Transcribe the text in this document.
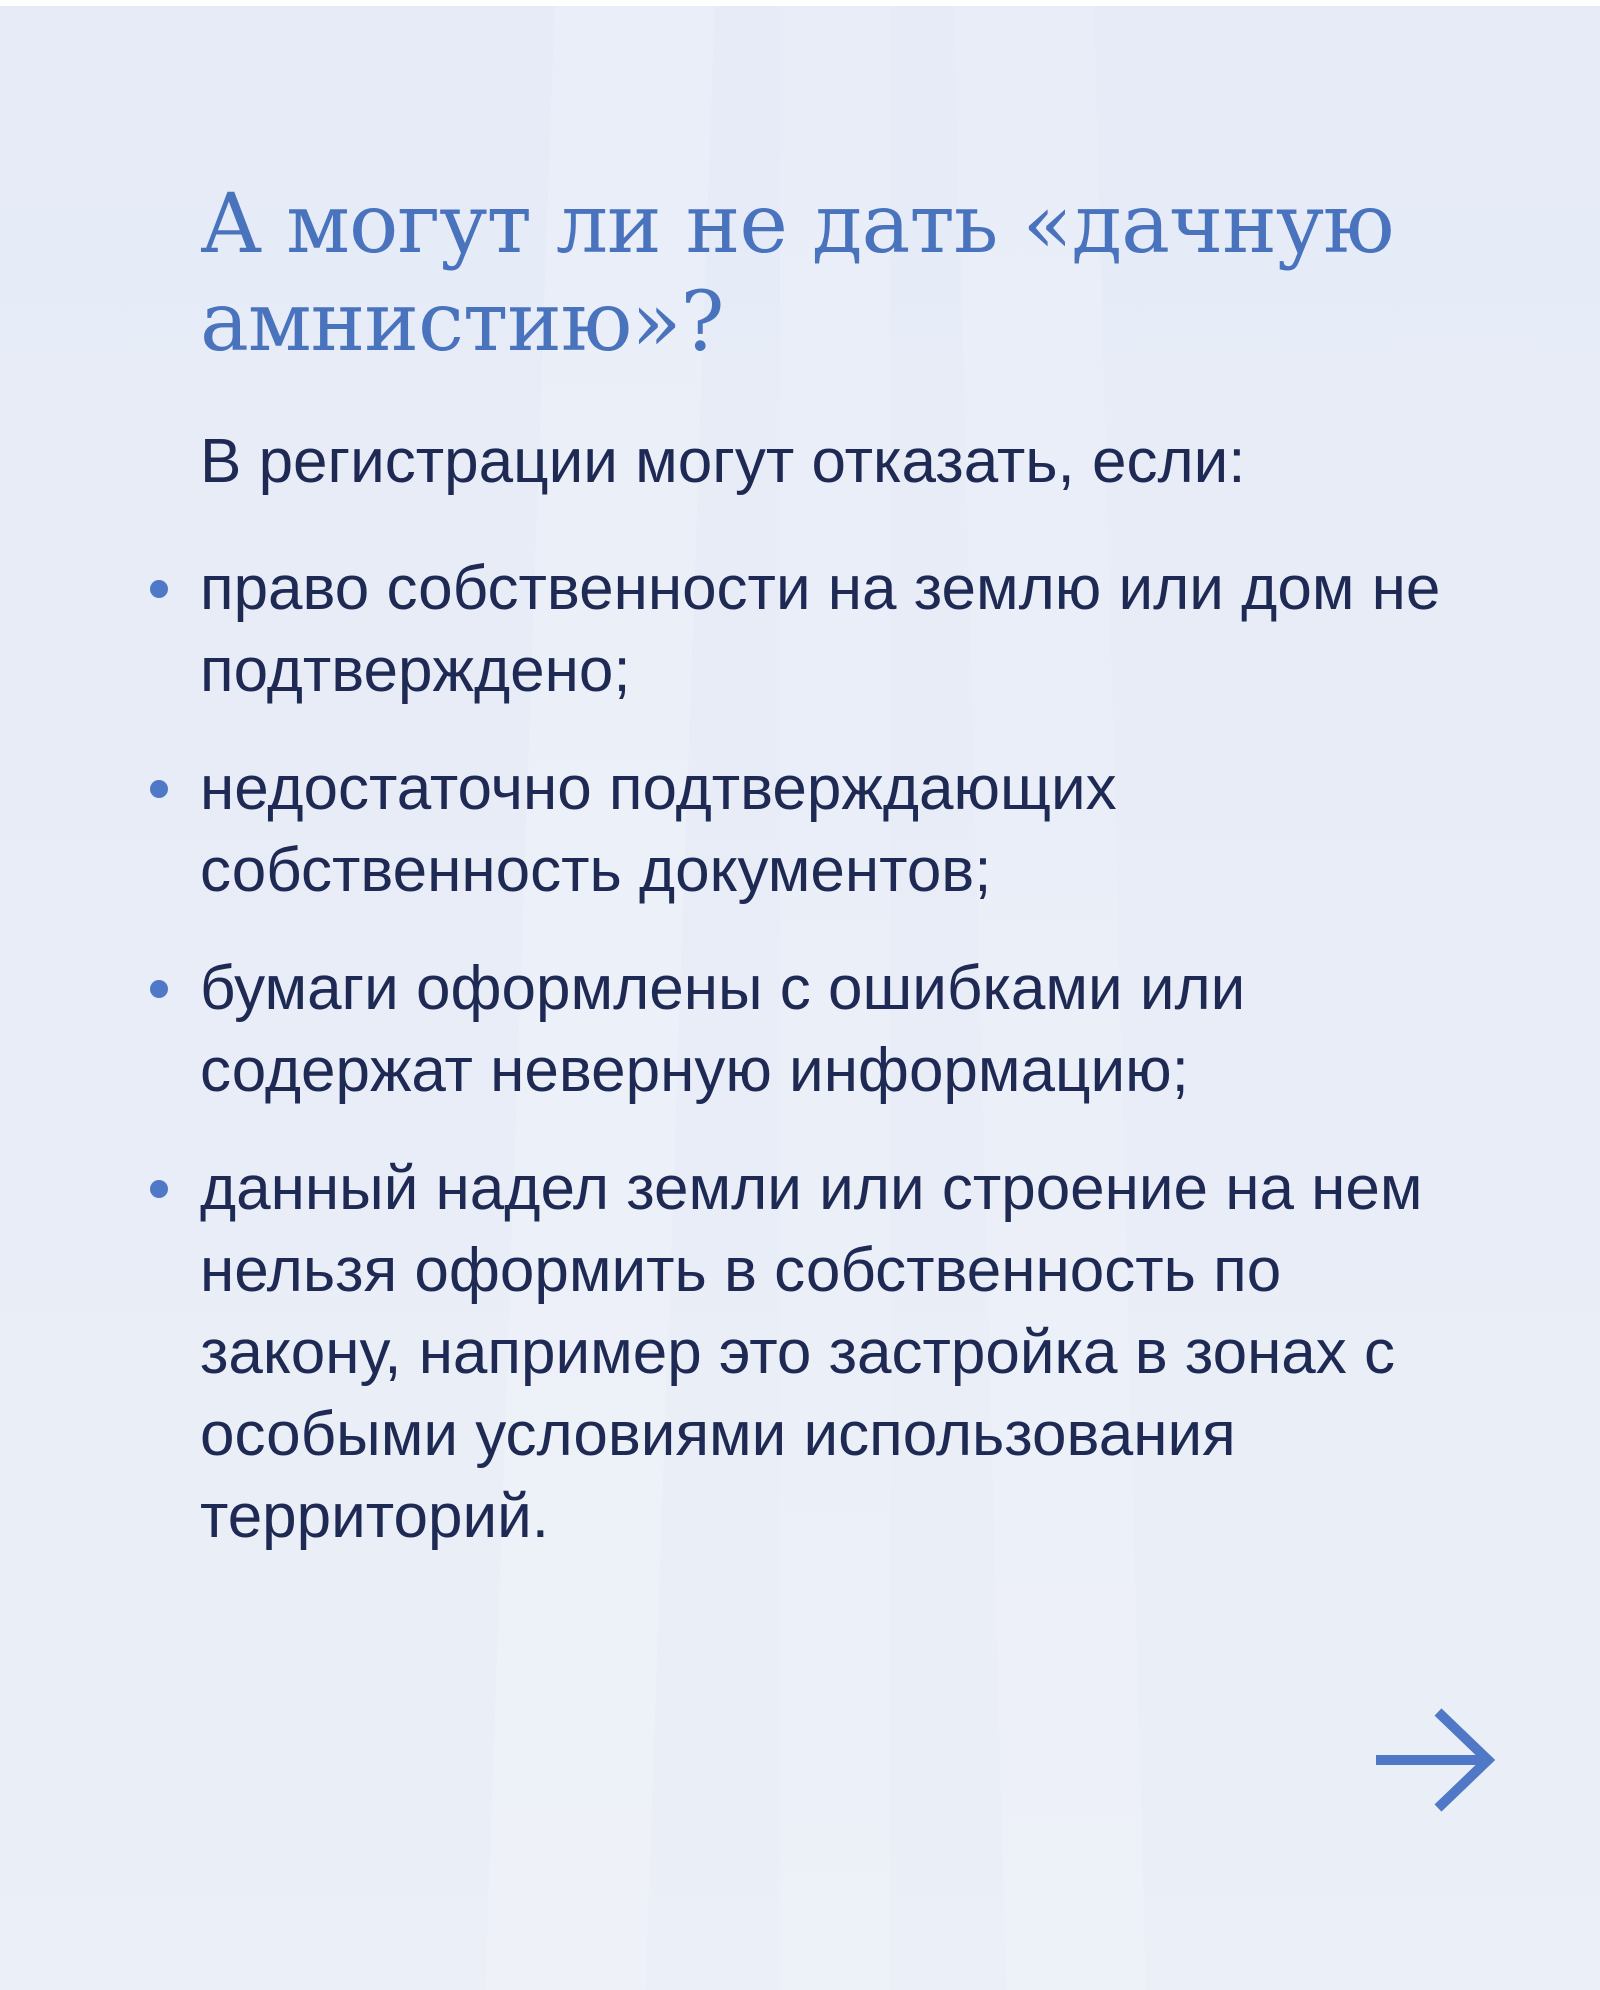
А могут ли не дать «дачную амнистию»?

В регистрации могут отказать, если:

право собственности на землю или дом не подтверждено;
недостаточно подтверждающих собственность документов;
бумаги оформлены с ошибками или содержат неверную информацию;
данный надел земли или строение на нем нельзя оформить в собственность по закону, например это застройка в зонах с особыми условиями использования территорий.
